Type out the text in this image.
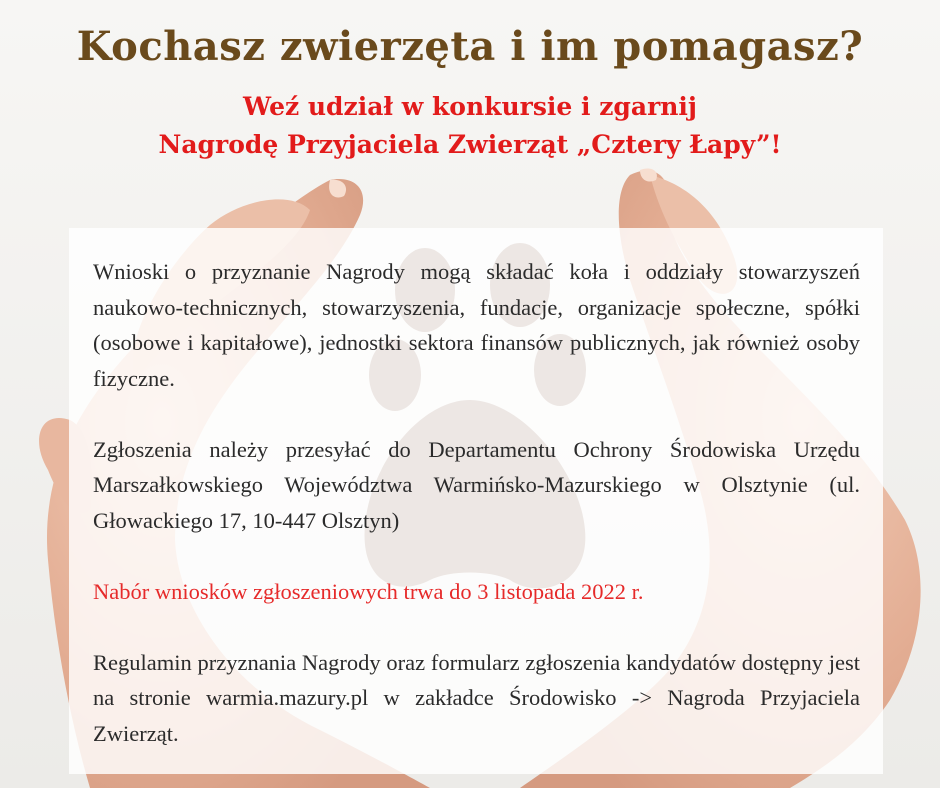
Kochasz zwierzęta i im pomagasz?
Weź udział w konkursie i zgarnij
Nagrodę Przyjaciela Zwierząt „Cztery Łapy”!

Wnioski o przyznanie Nagrody mogą składać koła i oddziały stowarzyszeń naukowo-technicznych, stowarzyszenia, fundacje, organizacje społeczne, spółki (osobowe i kapitałowe), jednostki sektora finansów publicznych, jak również osoby fizyczne.

Zgłoszenia należy przesyłać do Departamentu Ochrony Środowiska Urzędu Marszałkowskiego Województwa Warmińsko-Mazurskiego w Olsztynie (ul. Głowackiego 17, 10-447 Olsztyn)

Nabór wniosków zgłoszeniowych trwa do 3 listopada 2022 r.

Regulamin przyznania Nagrody oraz formularz zgłoszenia kandydatów dostępny jest na stronie warmia.mazury.pl w zakładce Środowisko -> Nagroda Przyjaciela Zwierząt.
